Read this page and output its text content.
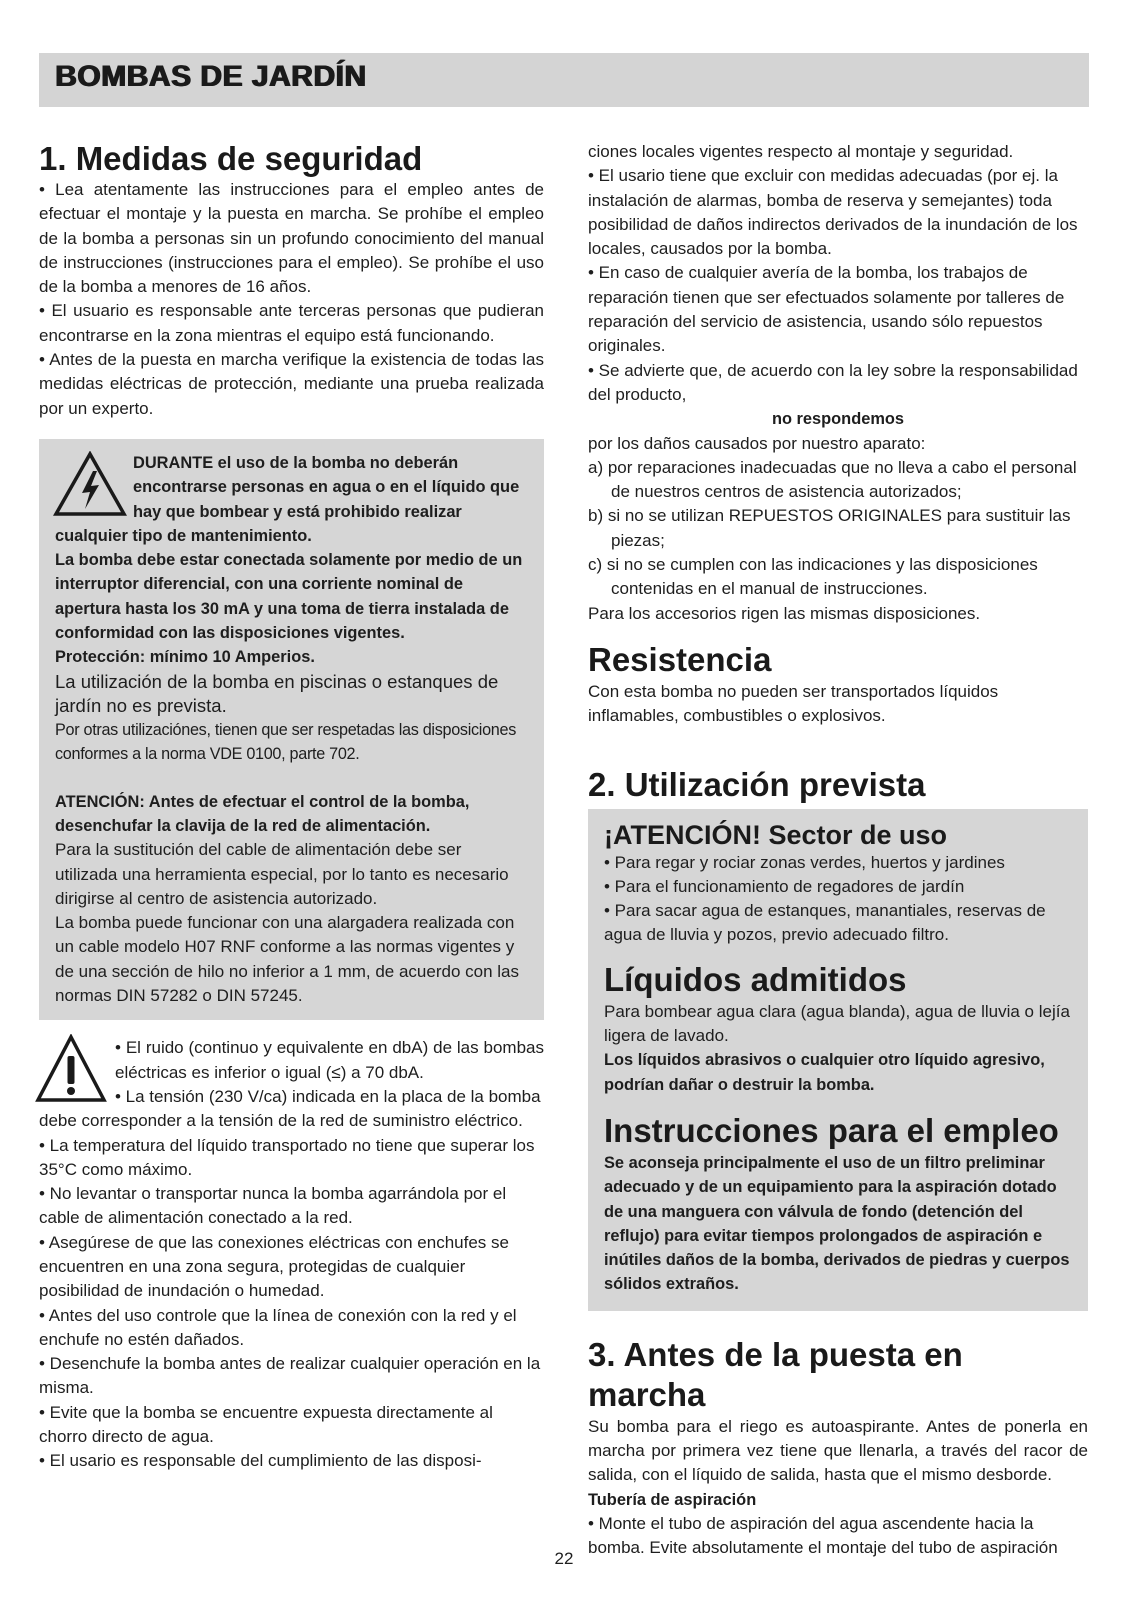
BOMBAS DE JARDÍN
1. Medidas de seguridad

• Lea atentamente las instrucciones para el empleo antes de efectuar el montaje y la puesta en marcha. Se prohíbe el empleo de la bomba a personas sin un profundo conocimiento del manual de instrucciones (instrucciones para el empleo). Se prohíbe el uso de la bomba a menores de 16 años.

• El usuario es responsable ante terceras personas que pudieran encontrarse en la zona mientras el equipo está funcionando.

• Antes de la puesta en marcha verifique la existencia de todas las medidas eléctricas de protección, mediante una prueba realizada por un experto.

DURANTE el uso de la bomba no deberán encontrarse personas en agua o en el líquido que hay que bombear y está prohibido realizar cualquier tipo de mantenimiento.

La bomba debe estar conectada solamente por medio de un interruptor diferencial, con una corriente nominal de apertura hasta los 30 mA y una toma de tierra instalada de conformidad con las disposiciones vigentes.

Protección: mínimo 10 Amperios.

La utilización de la bomba en piscinas o estanques de jardín no es prevista.

Por otras utilizaciónes, tienen que ser respetadas las disposiciones conformes a la norma VDE 0100, parte 702.

ATENCIÓN: Antes de efectuar el control de la bomba, desenchufar la clavija de la red de alimentación.

Para la sustitución del cable de alimentación debe ser utilizada una herramienta especial, por lo tanto es necesario dirigirse al centro de asistencia autorizado.

La bomba puede funcionar con una alargadera realizada con un cable modelo H07 RNF conforme a las normas vigentes y de una sección de hilo no inferior a 1 mm, de acuerdo con las normas DIN 57282 o DIN 57245.

• El ruido (continuo y equivalente en dbA) de las bombas eléctricas es inferior o igual (≤) a 70 dbA.

• La tensión (230 V/ca) indicada en la placa de la bomba debe corresponder a la tensión de la red de suministro eléctrico.

• La temperatura del líquido transportado no tiene que superar los 35°C como máximo.

• No levantar o transportar nunca la bomba agarrándola por el cable de alimentación conectado a la red.

• Asegúrese de que las conexiones eléctricas con enchufes se encuentren en una zona segura, protegidas de cualquier posibilidad de inundación o humedad.

• Antes del uso controle que la línea de conexión con la red y el enchufe no estén dañados.

• Desenchufe la bomba antes de realizar cualquier operación en la misma.

• Evite que la bomba se encuentre expuesta directamente al chorro directo de agua.

• El usario es responsable del cumplimiento de las disposi-

ciones locales vigentes respecto al montaje y seguridad.

• El usario tiene que excluir con medidas adecuadas (por ej. la instalación de alarmas, bomba de reserva y semejantes) toda posibilidad de daños indirectos derivados de la inundación de los locales, causados por la bomba.

• En caso de cualquier avería de la bomba, los trabajos de reparación tienen que ser efectuados solamente por talleres de reparación del servicio de asistencia, usando sólo repuestos originales.

• Se advierte que, de acuerdo con la ley sobre la responsabilidad del producto,

no respondemos

por los daños causados por nuestro aparato:

a) por reparaciones inadecuadas que no lleva a cabo el personal de nuestros centros de asistencia autorizados;

b) si no se utilizan REPUESTOS ORIGINALES para sustituir las piezas;

c) si no se cumplen con las indicaciones y las disposiciones contenidas en el manual de instrucciones.

Para los accesorios rigen las mismas disposiciones.

Resistencia

Con esta bomba no pueden ser transportados líquidos inflamables, combustibles o explosivos.

2. Utilización prevista
¡ATENCIÓN! Sector de uso

• Para regar y rociar zonas verdes, huertos y jardines

• Para el funcionamiento de regadores de jardín

• Para sacar agua de estanques, manantiales, reservas de agua de lluvia y pozos, previo adecuado filtro.

Líquidos admitidos

Para bombear agua clara (agua blanda), agua de lluvia o lejía ligera de lavado.

Los líquidos abrasivos o cualquier otro líquido agresivo, podrían dañar o destruir la bomba.

Instrucciones para el empleo

Se aconseja principalmente el uso de un filtro preliminar adecuado y de un equipamiento para la aspiración dotado de una manguera con válvula de fondo (detención del reflujo) para evitar tiempos prolongados de aspiración e inútiles daños de la bomba, derivados de piedras y cuerpos sólidos extraños.

3. Antes de la puesta en marcha

Su bomba para el riego es autoaspirante. Antes de ponerla en marcha por primera vez tiene que llenarla, a través del racor de salida, con el líquido de salida, hasta que el mismo desborde.

Tubería de aspiración

• Monte el tubo de aspiración del agua ascendente hacia la bomba. Evite absolutamente el montaje del tubo de aspiración

22
